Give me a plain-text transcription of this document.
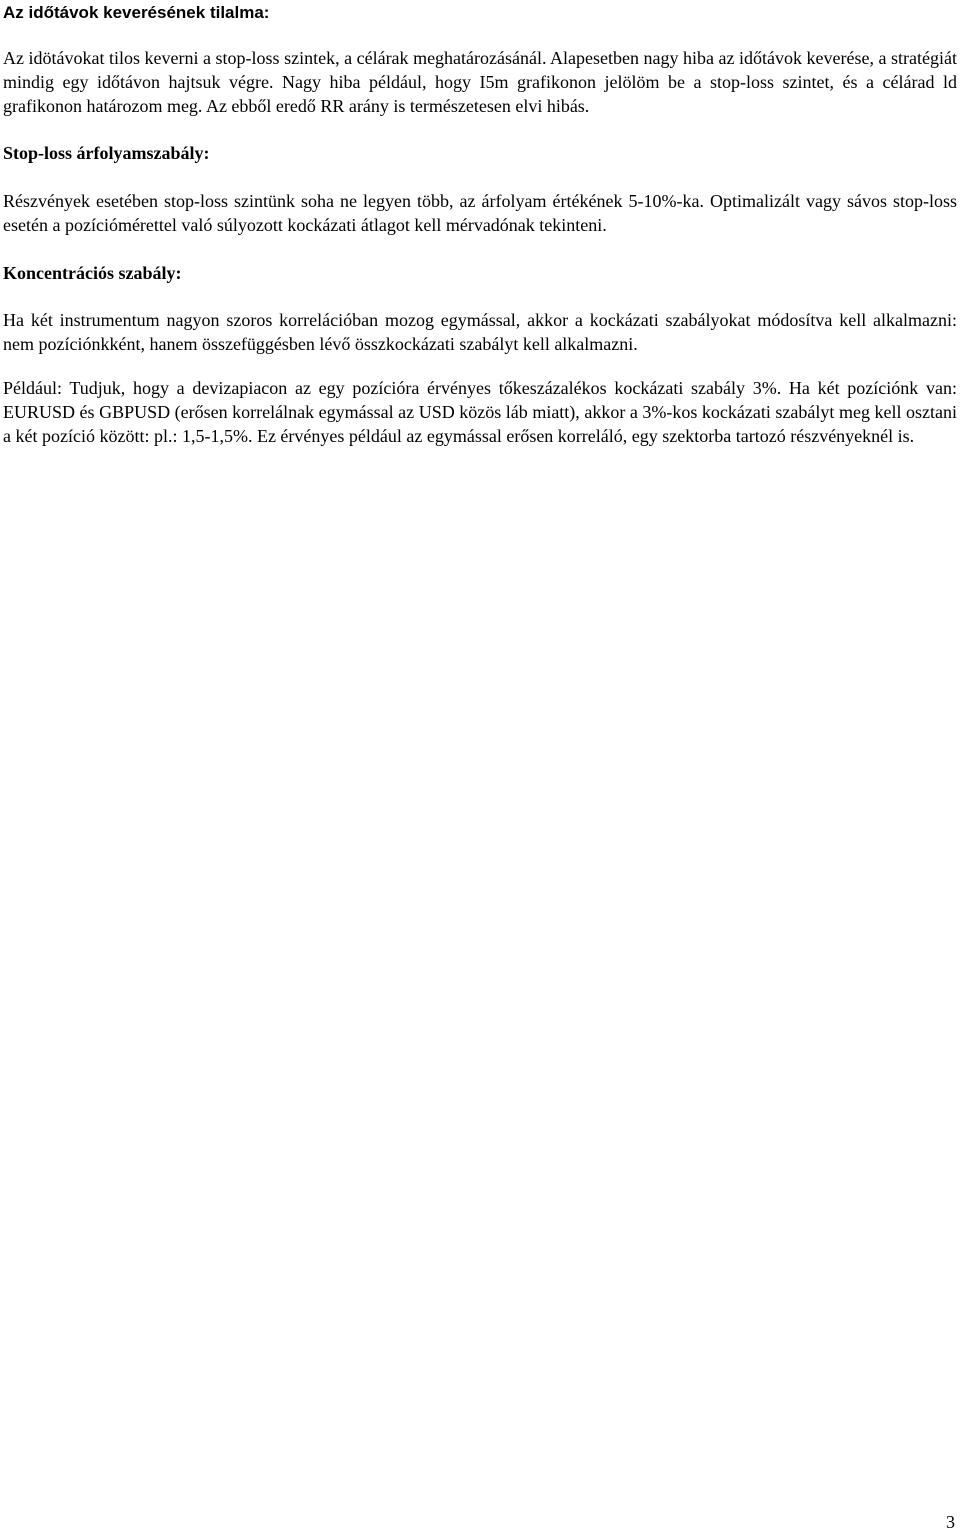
Az időtávok keverésének tilalma:

Az idötávokat tilos keverni a stop-loss szintek, a célárak meghatározásánál. Alapesetben nagy hiba az időtávok keverése, a stratégiát mindig egy időtávon hajtsuk végre. Nagy hiba például, hogy I5m grafikonon jelölöm be a stop-loss szintet, és a célárad ld grafikonon határozom meg. Az ebből eredő RR arány is természetesen elvi hibás.

Stop-loss árfolyamszabály:

Részvények esetében stop-loss szintünk soha ne legyen több, az árfolyam értékének 5-10%-ka. Optimalizált vagy sávos stop-loss esetén a pozíciómérettel való súlyozott kockázati átlagot kell mérvadónak tekinteni.

Koncentrációs szabály:

Ha két instrumentum nagyon szoros korrelációban mozog egymással, akkor a kockázati szabályokat módosítva kell alkalmazni: nem pozíciónkként, hanem összefüggésben lévő összkockázati szabályt kell alkalmazni.

Például: Tudjuk, hogy a devizapiacon az egy pozícióra érvényes tőkeszázalékos kockázati szabály 3%. Ha két pozíciónk van: EURUSD és GBPUSD (erősen korrelálnak egymással az USD közös láb miatt), akkor a 3%-kos kockázati szabályt meg kell osztani a két pozíció között: pl.: 1,5-1,5%. Ez érvényes például az egymással erősen korreláló, egy szektorba tartozó részvényeknél is.

3
